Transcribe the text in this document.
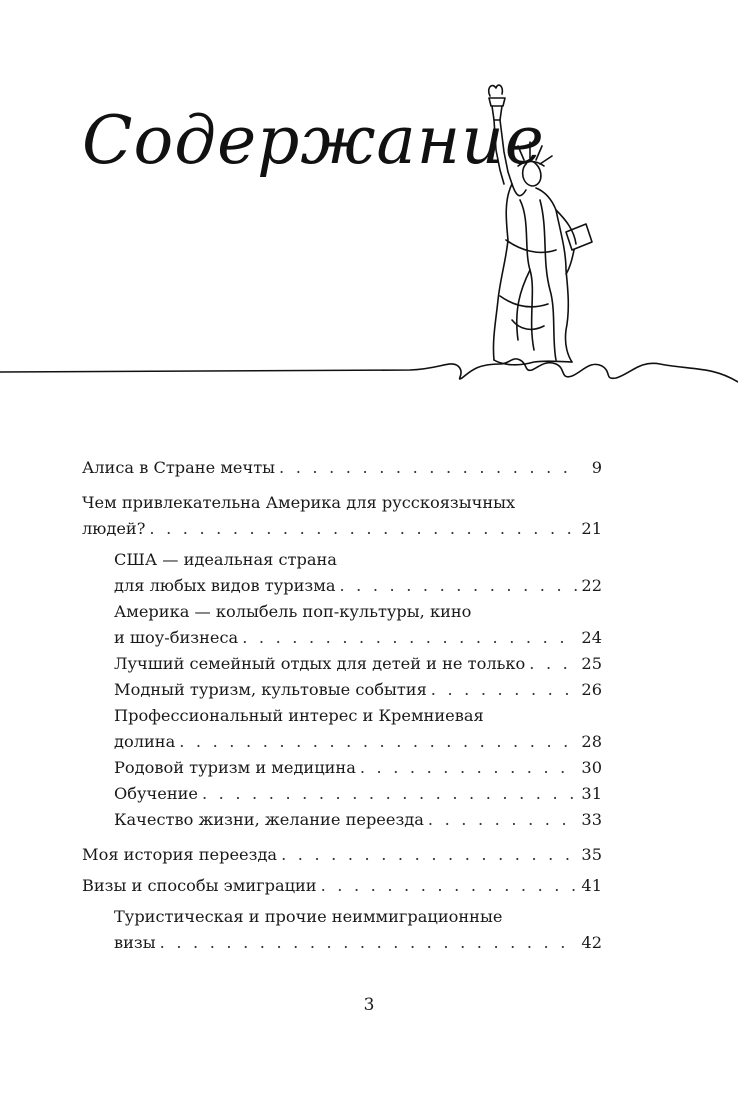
Содержание
Алиса в Стране мечты . . .	9
Чем привлекательна Америка для русскоязычных
людей? . . .	21
США — идеальная страна
для любых видов туризма . . .	22
Америка — колыбель поп-культуры, кино
и шоу-бизнеса . . .	24
Лучший семейный отдых для детей и не только . . .	25
Модный туризм, культовые события . . .	26
Профессиональный интерес и Кремниевая
долина . . .	28
Родовой туризм и медицина . . .	30
Обучение . . .	31
Качество жизни, желание переезда . . .	33
Моя история переезда . . .	35
Визы и способы эмиграции . . .	41
Туристическая и прочие неиммиграционные
визы . . .	42
3
